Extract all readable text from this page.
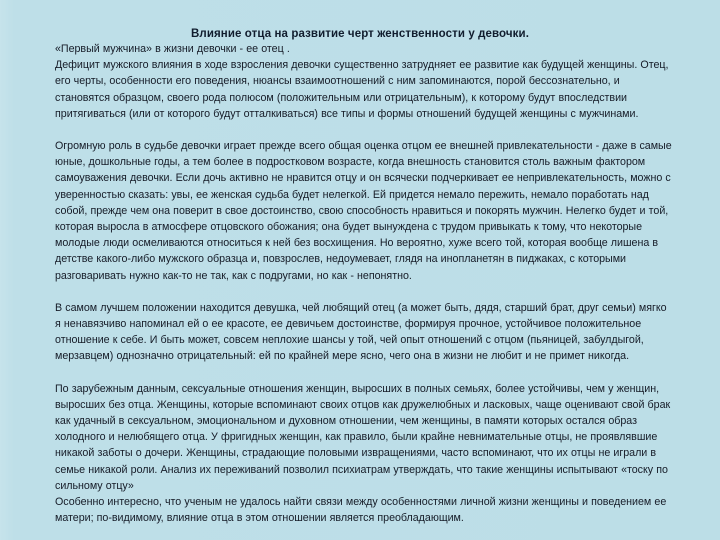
Влияние отца на развитие черт женственности у девочки.

«Первый мужчина» в жизни девочки - ее отец .

Дефицит мужского влияния в ходе взросления девочки существенно затрудняет ее развитие как будущей женщины. Отец, его черты, особенности его поведения, нюансы взаимоотношений с ним запоминаются, порой бессознательно, и становятся образцом, своего рода полюсом (положительным или отрицательным), к которому будут впоследствии притягиваться (или от которого будут отталкиваться) все типы и формы отношений будущей женщины с мужчинами.

Огромную роль в судьбе девочки играет прежде всего общая оценка отцом ее внешней привлекательности - даже в самые юные, дошкольные годы, а тем более в подростковом возрасте, когда внешность становится столь важным фактором самоуважения девочки. Если дочь активно не нравится отцу и он всячески подчеркивает ее непривлекательность, можно с уверенностью сказать: увы, ее женская судьба будет нелегкой. Ей придется немало пережить, немало поработать над собой, прежде чем она поверит в свое достоинство, свою способность нравиться и покорять мужчин. Нелегко будет и той, которая выросла в атмосфере отцовского обожания; она будет вынуждена с трудом привыкать к тому, что некоторые молодые люди осмеливаются относиться к ней без восхищения. Но вероятно, хуже всего той, которая вообще лишена в детстве какого-либо мужского образца и, повзрослев, недоумевает, глядя на инопланетян в пиджаках, с которыми разговаривать нужно как-то не так, как с подругами, но как - непонятно.

В самом лучшем положении находится девушка, чей любящий отец (а может быть, дядя, старший брат, друг семьи) мягко я ненавязчиво напоминал ей о ее красоте, ее девичьем достоинстве, формируя прочное, устойчивое положительное отношение к себе. И быть может, совсем неплохие шансы у той, чей опыт отношений с отцом (пьяницей, забулдыгой, мерзавцем) однозначно отрицательный: ей по крайней мере ясно, чего она в жизни не любит и не примет никогда.

По зарубежным данным, сексуальные отношения женщин, выросших в полных семьях, более устойчивы, чем у женщин, выросших без отца. Женщины, которые вспоминают своих отцов как дружелюбных и ласковых, чаще оценивают свой брак как удачный в сексуальном, эмоциональном и духовном отношении, чем женщины, в памяти которых остался образ холодного и нелюбящего отца. У фригидных женщин, как правило, были крайне невнимательные отцы, не проявлявшие никакой заботы о дочери. Женщины, страдающие половыми извращениями, часто вспоминают, что их отцы не играли в семье никакой роли. Анализ их переживаний позволил психиатрам утверждать, что такие женщины испытывают «тоску по сильному отцу»

Особенно интересно, что ученым не удалось найти связи между особенностями личной жизни женщины и поведением ее матери; по-видимому, влияние отца в этом отношении является преобладающим.
